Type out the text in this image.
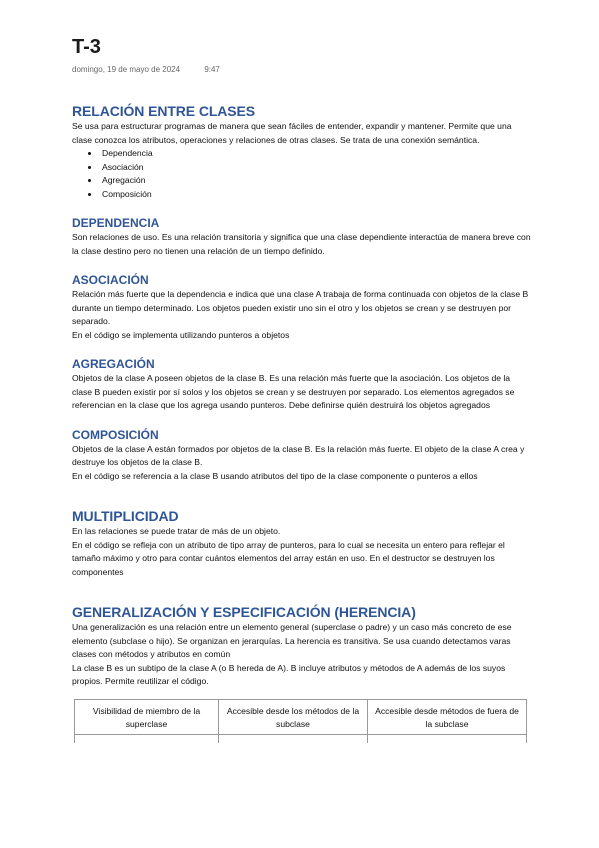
T-3
domingo, 19 de mayo de 2024	9:47
RELACIÓN ENTRE CLASES

Se usa para estructurar programas de manera que sean fáciles de entender, expandir y mantener. Permite que una clase conozca los atributos, operaciones y relaciones de otras clases. Se trata de una conexión semántica.

• Dependencia
• Asociación
• Agregación
• Composición
DEPENDENCIA

Son relaciones de uso. Es una relación transitoria y significa que una clase dependiente interactúa de manera breve con la clase destino pero no tienen una relación de un tiempo definido.

ASOCIACIÓN

Relación más fuerte que la dependencia e indica que una clase A trabaja de forma continuada con objetos de la clase B durante un tiempo determinado. Los objetos pueden existir uno sin el otro y los objetos se crean y se destruyen por separado.

En el código se implementa utilizando punteros a objetos

AGREGACIÓN

Objetos de la clase A poseen objetos de la clase B. Es una relación más fuerte que la asociación. Los objetos de la clase B pueden existir por sí solos y los objetos se crean y se destruyen por separado. Los elementos agregados se referencian en la clase que los agrega usando punteros. Debe definirse quién destruirá los objetos agregados

COMPOSICIÓN

Objetos de la clase A están formados por objetos de la clase B. Es la relación más fuerte. El objeto de la clase A crea y destruye los objetos de la clase B.

En el código se referencia a la clase B usando atributos del tipo de la clase componente o punteros a ellos

MULTIPLICIDAD

En las relaciones se puede tratar de más de un objeto.

En el código se refleja con un atributo de tipo array de punteros, para lo cual se necesita un entero para reflejar el tamaño máximo y otro para contar cuántos elementos del array están en uso. En el destructor se destruyen los componentes

GENERALIZACIÓN Y ESPECIFICACIÓN (HERENCIA)

Una generalización es una relación entre un elemento general (superclase o padre) y un caso más concreto de ese elemento (subclase o hijo). Se organizan en jerarquías. La herencia es transitiva. Se usa cuando detectamos varas clases con métodos y atributos en común

La clase B es un subtipo de la clase A (o B hereda de A). B incluye atributos y métodos de A además de los suyos propios. Permite reutilizar el código.

Visibilidad de miembro de la superclase	Accesible desde los métodos de la subclase	Accesible desde métodos de fuera de la subclase
